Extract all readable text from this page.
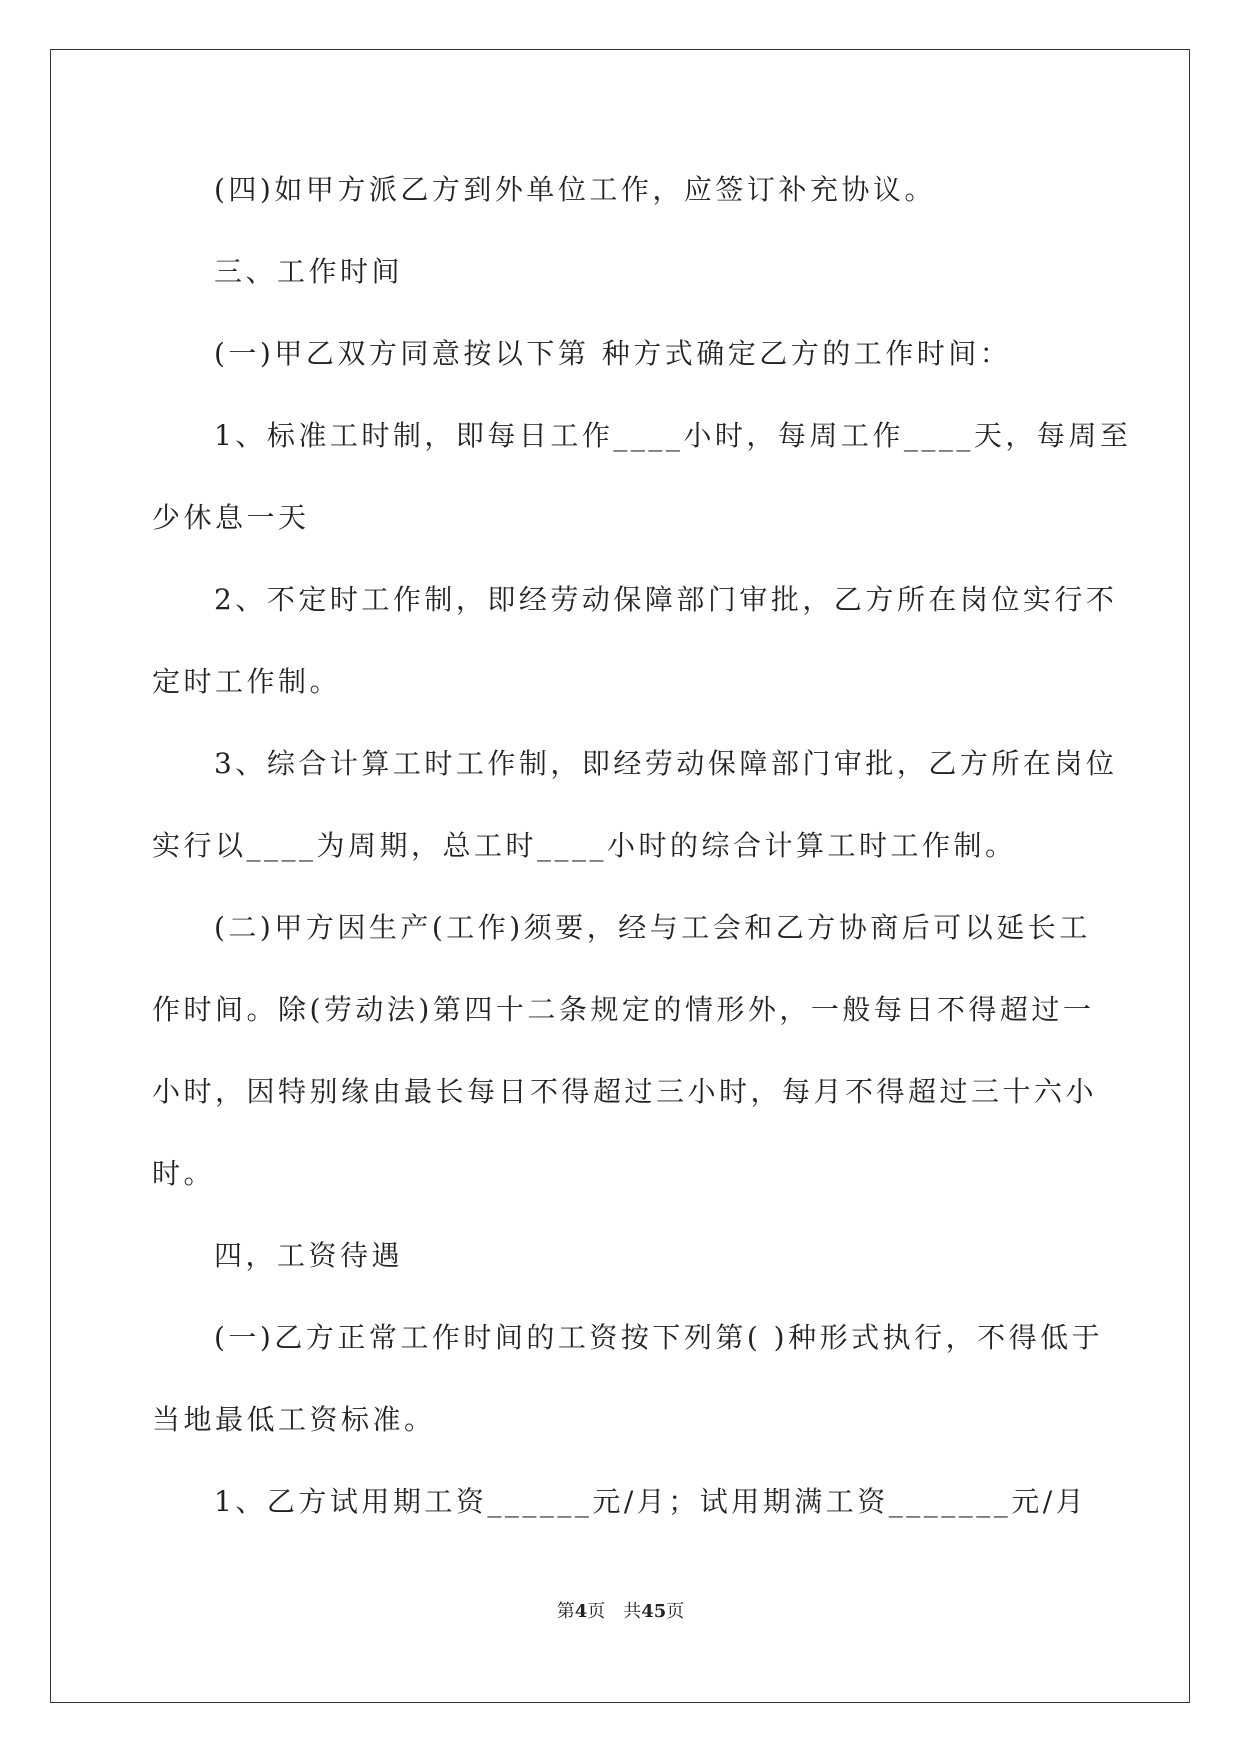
(四)如甲方派乙方到外单位工作，应签订补充协议。

三、工作时间

(一)甲乙双方同意按以下第 种方式确定乙方的工作时间：

1、标准工时制，即每日工作____小时，每周工作____天，每周至

少休息一天

2、不定时工作制，即经劳动保障部门审批，乙方所在岗位实行不

定时工作制。

3、综合计算工时工作制，即经劳动保障部门审批，乙方所在岗位

实行以____为周期，总工时____小时的综合计算工时工作制。

(二)甲方因生产(工作)须要，经与工会和乙方协商后可以延长工

作时间。除(劳动法)第四十二条规定的情形外，一般每日不得超过一

小时，因特别缘由最长每日不得超过三小时，每月不得超过三十六小

时。

四，工资待遇

(一)乙方正常工作时间的工资按下列第( )种形式执行，不得低于

当地最低工资标准。

1、乙方试用期工资______元/月；试用期满工资_______元/月

第4页 共45页
